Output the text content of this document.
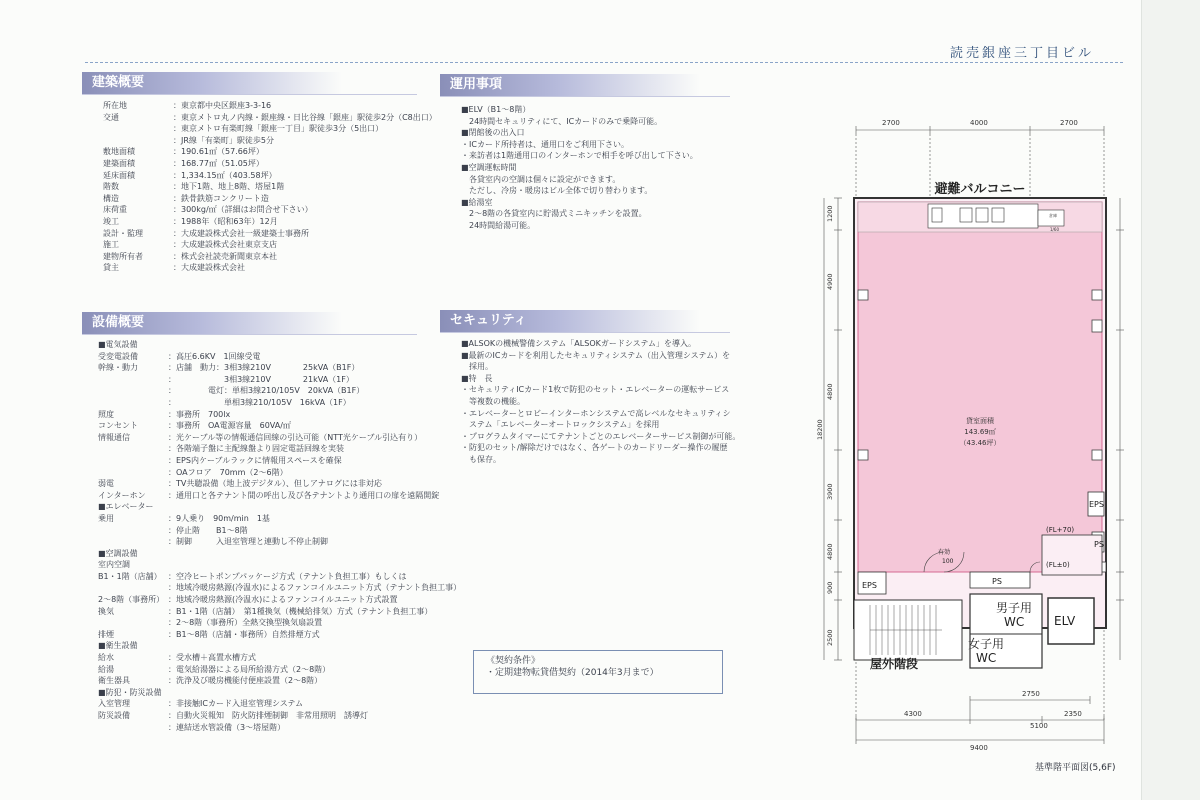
読売銀座三丁目ビル
建築概要
所在地	： 東京都中央区銀座3-3-16
交通	： 東京メトロ丸ノ内線・銀座線・日比谷線「銀座」駅徒歩2分（C8出口）
： 東京メトロ有楽町線「銀座一丁目」駅徒歩3分（5出口）
： JR線「有楽町」駅徒歩5分
敷地面積	： 190.61㎡（57.66坪）
建築面積	： 168.77㎡（51.05坪）
延床面積	： 1,334.15㎡（403.58坪）
階数	： 地下1階、地上8階、塔屋1階
構造	： 鉄骨鉄筋コンクリート造
床荷重	： 300kg/㎡（詳細はお問合せ下さい）
竣工	： 1988年（昭和63年）12月
設計・監理	： 大成建設株式会社一級建築士事務所
施工	： 大成建設株式会社東京支店
建物所有者	： 株式会社読売新聞東京本社
貸主	： 大成建設株式会社
設備概要
■電気設備
受変電設備	： 高圧6.6KV　1回線受電
幹線・動力	： 店舗　動力：3相3線210V　　　　25kVA（B1F）
： 　　　　　　3相3線210V　　　　21kVA（1F）
： 　　　　電灯：単相3線210/105V　20kVA（B1F）
： 　　　　　　単相3線210/105V　16kVA（1F）
照度	： 事務所　700lx
コンセント	： 事務所　OA電源容量　60VA/㎡
情報通信	： 光ケーブル等の情報通信回線の引込可能（NTT光ケーブル引込有り）
： 各階端子盤に主配線盤より固定電話回線を実装
： EPS内ケーブルラックに情報用スペースを確保
： OAフロア　70mm（2〜6階）
弱電	： TV共聴設備（地上波デジタル）、但しアナログには非対応
インターホン	： 通用口と各テナント間の呼出し及び各テナントより通用口の扉を遠隔開錠
■エレベーター
乗用	： 9人乗り　90m/min　1基
： 停止階　　B1〜8階
： 制御　　　入退室管理と連動し不停止制御
■空調設備
室内空調
B1・1階（店舗） ： 空冷ヒートポンプパッケージ方式（テナント負担工事）もしくは
： 地域冷暖房熱源(冷温水)によるファンコイルユニット方式（テナント負担工事）
2〜8階（事務所） ： 地域冷暖房熱源(冷温水)によるファンコイルユニット方式設置
換気	： B1・1階（店舗）　第1種換気（機械給排気）方式（テナント負担工事）
： 2〜8階（事務所）全熱交換型換気扇設置
排煙	： B1〜8階（店舗・事務所）自然排煙方式
■衛生設備
給水	： 受水槽＋高置水槽方式
給湯	： 電気給湯器による局所給湯方式（2〜8階）
衛生器具	： 洗浄及び暖房機能付便座設置（2〜8階）
■防犯・防災設備
入室管理	： 非接触ICカード入退室管理システム
防災設備	： 自動火災報知　防火防排煙制御　非常用照明　誘導灯
： 連結送水管設備（3〜塔屋階）
運用事項
■ELV（B1〜8階）
　24時間セキュリティにて、ICカードのみで乗降可能。
■閉館後の出入口
・ICカード所持者は、通用口をご利用下さい。
・来訪者は1階通用口のインターホンで相手を呼び出して下さい。
■空調運転時間
　各貸室内の空調は個々に設定ができます。
　ただし、冷房・暖房はビル全体で切り替わります。
■給湯室
　2〜8階の各貸室内に貯湯式ミニキッチンを設置。
　24時間給湯可能。
セキュリティ
■ALSOKの機械警備システム「ALSOKガードシステム」を導入。
■最新のICカードを利用したセキュリティシステム（出入管理システム）を
　採用。
■特　長
・セキュリティICカード1枚で防犯のセット・エレベーターの運転サービス
　等複数の機能。
・エレベーターとロビーインターホンシステムで高レベルなセキュリティシ
　ステム「エレベーターオートロックシステム」を採用
・プログラムタイマーにてテナントごとのエレベーターサービス制御が可能。
・防犯のセット/解除だけではなく、各ゲートのカードリーダー操作の履歴
　も保存。
《契約条件》
・定期建物転貸借契約（2014年3月まで）
2700	4000	2700
避難バルコニー
倉庫
1/60
貸室面積
143.69㎡
（43.46坪）
EPS
PS
EPS	PS
(FL+70)
(FL±0)
有効
100
屋外階段
男子用
WC
女子用
WC
ELV
1200
4900
4800
3900
4800
900
2500
18200
2750
4300
5100
2350
9400
基準階平面図(5,6F)
